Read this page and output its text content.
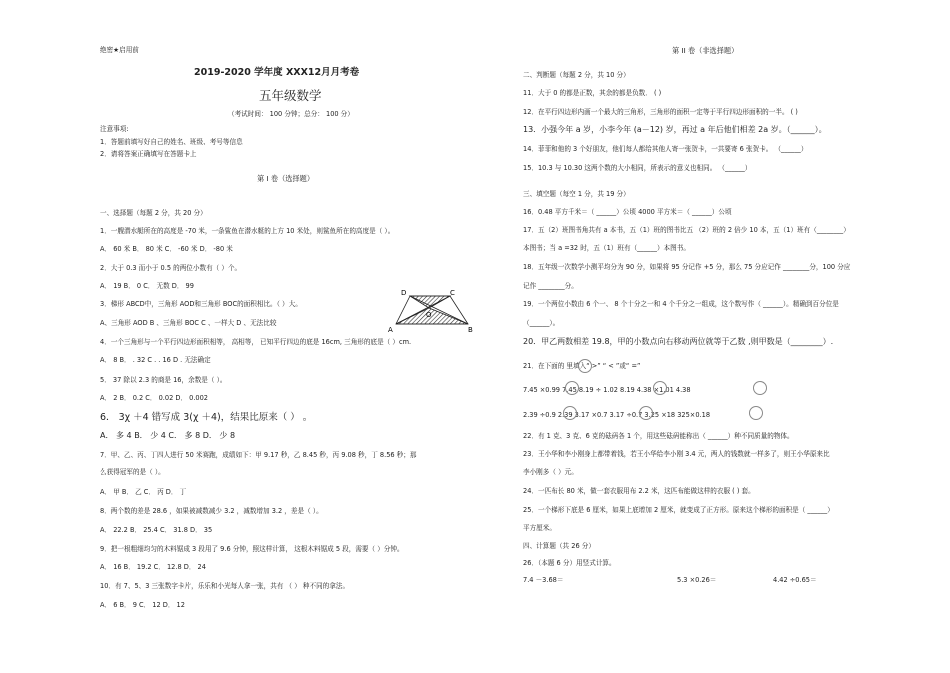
绝密★启用前
2019-2020 学年度 XXX12月月考卷
五年级数学
（考试时间： 100 分钟；总分： 100 分）
注意事项:
1．答题前填写好自己的姓名、班级、考号等信息
2．请将答案正确填写在答题卡上
第 I 卷（选择题）
一、选择题（每题 2 分，共 20 分）
1．一艘潜水艇所在的高度是 -70 米，一条鲨鱼在潜水艇的上方 10 米处，则鲨鱼所在的高度是（ ）。
A． 60 米 B． 80 米 C． -60 米 D． -80 米
2．大于 0.3 而小于 0.5 的两位小数有（ ）个。
A． 19 B． 0 C． 无数 D． 99
3．梯形 ABCD中，三角形 AOD和三角形 BOC的面积相比。（ ）大。
A、三角形 AOD B 、三角形 BOC C 、一样大 D 、无法比较
4．一个三角形与一个平行四边形面积相等， 高相等， 已知平行四边的底是 16cm, 三角形的底是（ ）cm.
A． 8 B． . 32 C . . 16 D . 无法确定
5． 37 除以 2.3 的商是 16，余数是（ ）。
A． 2 B． 0.2 C． 0.02 D． 0.002
6． 3χ ＋4 错写成 3(χ ＋4)，结果比原来（ ） 。
A． 多 4 B． 少 4 C． 多 8 D． 少 8
7．甲、乙、丙、丁四人进行 50 米赛跑，成绩如下：甲 9.17 秒，乙 8.45 秒，丙 9.08 秒，丁 8.56 秒；那
么获得冠军的是（ ）。
A． 甲 B． 乙 C． 丙 D． 丁
8．两个数的差是 28.6 ，如果被减数减少 3.2 ，减数增加 3.2 ，差是（ ）。
A． 22.2 B． 25.4 C． 31.8 D． 35
9．把一根粗细均匀的木料锯成 3 段用了 9.6 分钟，照这样计算， 这根木料锯成 5 段，需要（ ）分钟。
A． 16 B． 19.2 C． 12.8 D． 24
10．有 7、5、3 三张数字卡片，乐乐和小光每人拿一张，共有 （ ） 种不同的拿法。
A． 6 B． 9 C． 12 D． 12
D	C
O
A	B
第 II 卷（非选择题）
二、判断题（每题 2 分，共 10 分）
11．大于 0 的都是正数，其余的都是负数． ( )
12．在平行四边形内画一个最大的三角形，三角形的面积一定等于平行四边形面积的一半。 ( )
13．小强今年 a 岁，小李今年 (a－12) 岁，再过 a 年后他们相差 2a 岁。（______）。
14．菲菲和他的 3 个好朋友，他们每人都给其他人寄一张贺卡，一共要寄 6 张贺卡。 （______）
15．10.3 与 10.30 这两个数的大小相同，所表示的意义也相同。 （______）
三、填空题（每空 1 分，共 19 分）
16．0.48 平方千米＝（ ______）公顷 4000 平方米＝（ ______）公顷
17．五（2）班图书角共有 a 本书，五（1）班的图书比五 （2）班的 2 倍少 10 本，五（1）班有（________）
本图书；当 a =32 时，五（1）班有（______）本图书。
18．五年级一次数学小测平均分为 90 分，如果将 95 分记作 +5 分，那么 75 分应记作 ________分，100 分应
记作 ________分。
19．一个两位小数由 6 个一、 8 个十分之一和 4 个千分之一组成，这个数写作（ ______）。精确到百分位是
（______）。
20．甲乙两数相差 19.8，甲的小数点向右移动两位就等于乙数 ,则甲数是（________）.
21．在下面的 里填入“ >” “ < ”或“ =”
7.45 ×0.99 7.45 8.19 ÷ 1.02 8.19 4.38 ×1.01 4.38
2.39 ÷0.9 2.39 3.17 ×0.7 3.17 ÷0.7 3.25 ×18 325×0.18
22．有 1 克、3 克、6 克的砝码各 1 个，用这些砝码能称出（ ______）种不同质量的物体。
23．王小华和李小刚身上都带着钱，若王小华给李小刚 3.4 元，两人的钱数就一样多了，则王小华原来比
李小刚多（ ）元。
24．一匹布长 80 米，做一套衣服用布 2.2 米，这匹布能做这样的衣服 ( ) 套。
25．一个梯形下底是 6 厘米，如果上底增加 2 厘米，就变成了正方形。原来这个梯形的面积是（ ______）
平方厘米。
四、计算题（共 26 分）
26．（本题 6 分）用竖式计算。
7.4 －3.68＝	5.3 ×0.26＝	4.42 ÷0.65＝
